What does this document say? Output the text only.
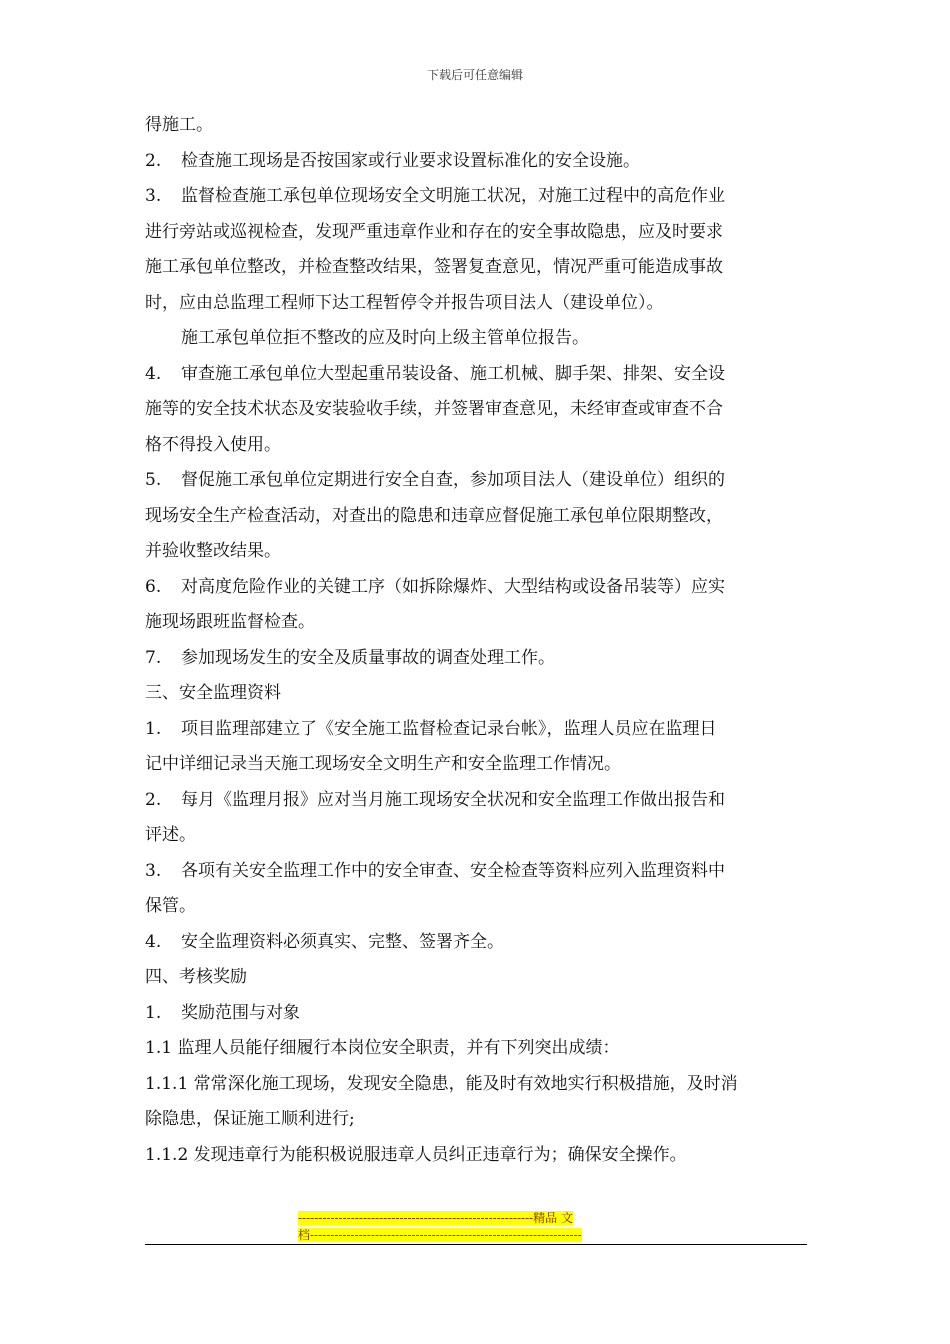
下载后可任意编辑
得施工。
2. 检查施工现场是否按国家或行业要求设置标准化的安全设施。
3. 监督检查施工承包单位现场安全文明施工状况，对施工过程中的高危作业
进行旁站或巡视检查，发现严重违章作业和存在的安全事故隐患，应及时要求
施工承包单位整改，并检查整改结果，签署复查意见，情况严重可能造成事故
时，应由总监理工程师下达工程暂停令并报告项目法人（建设单位）。
施工承包单位拒不整改的应及时向上级主管单位报告。
4. 审查施工承包单位大型起重吊装设备、施工机械、脚手架、排架、安全设
施等的安全技术状态及安装验收手续，并签署审查意见，未经审查或审查不合
格不得投入使用。
5. 督促施工承包单位定期进行安全自查，参加项目法人（建设单位）组织的
现场安全生产检查活动，对查出的隐患和违章应督促施工承包单位限期整改，
并验收整改结果。
6. 对高度危险作业的关键工序（如拆除爆炸、大型结构或设备吊装等）应实
施现场跟班监督检查。
7. 参加现场发生的安全及质量事故的调查处理工作。
三、安全监理资料
1. 项目监理部建立了《安全施工监督检查记录台帐》，监理人员应在监理日
记中详细记录当天施工现场安全文明生产和安全监理工作情况。
2. 每月《监理月报》应对当月施工现场安全状况和安全监理工作做出报告和
评述。
3. 各项有关安全监理工作中的安全审查、安全检查等资料应列入监理资料中
保管。
4. 安全监理资料必须真实、完整、签署齐全。
四、考核奖励
1. 奖励范围与对象
1.1 监理人员能仔细履行本岗位安全职责，并有下列突出成绩：
1.1.1 常常深化施工现场，发现安全隐患，能及时有效地实行积极措施，及时消
除隐患，保证施工顺利进行;
1.1.2 发现违章行为能积极说服违章人员纠正违章行为；确保安全操作。
----------------------------------------------------------精品 文
档-------------------------------------------------------------------
